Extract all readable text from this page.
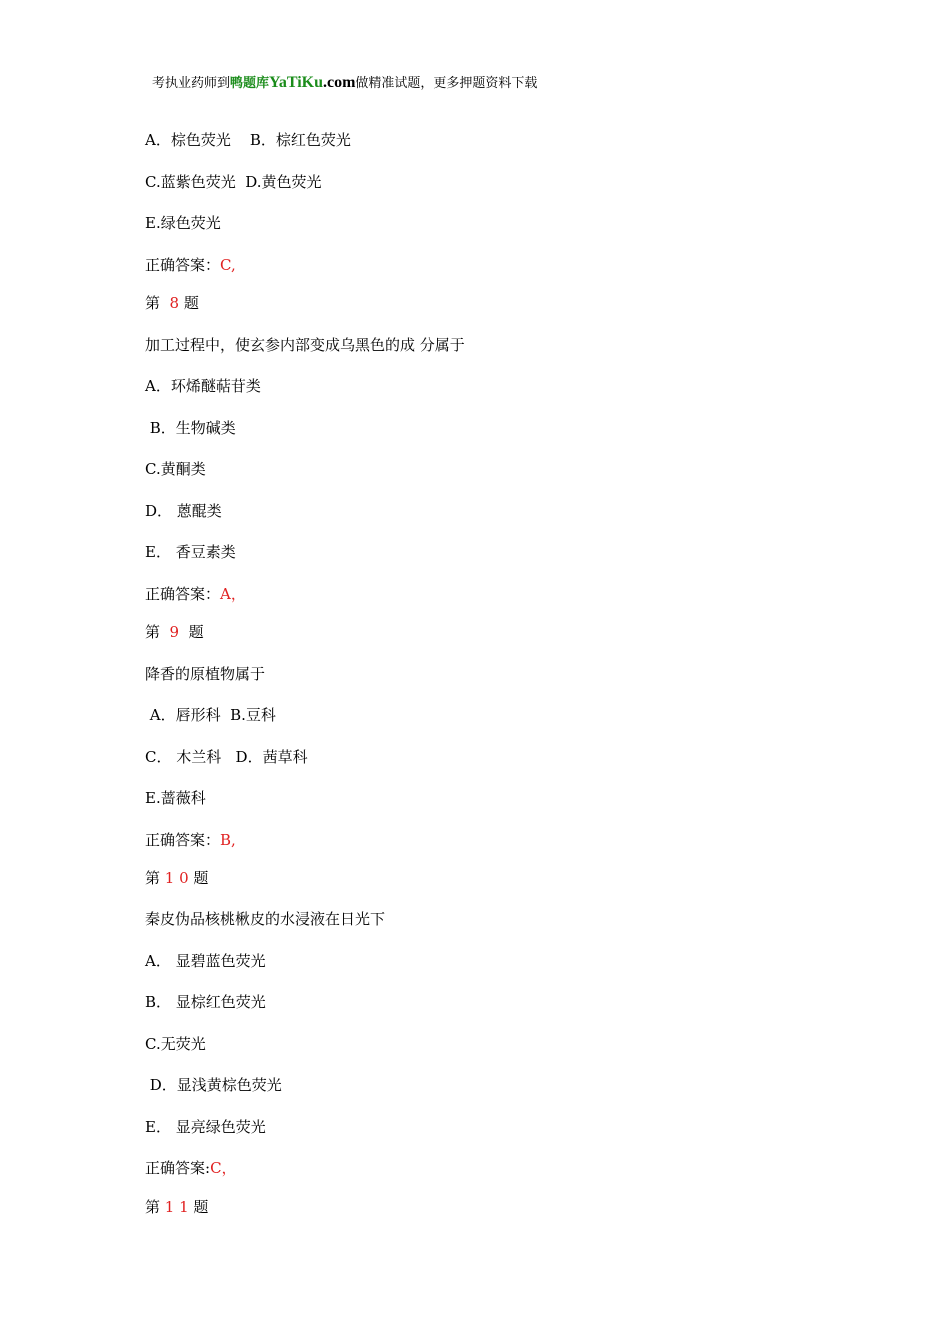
考执业药师到鸭题库YaTiKu.com做精准试题，更多押题资料下载
A．棕色荧光    B．棕红色荧光
C.蓝紫色荧光  D.黄色荧光
E.绿色荧光
正确答案：C,
第  8 题
加工过程中，使玄参内部变成乌黑色的成 分属于
A．环烯醚萜苷类
B．生物碱类
C.黄酮类
D． 蒽醌类
E． 香豆素类
正确答案：A，
第  9  题
降香的原植物属于
A．唇形科  B.豆科
C． 木兰科   D．茜草科
E.蔷薇科
正确答案：B,
第 1 0 题
秦皮伪品核桃楸皮的水浸液在日光下
A． 显碧蓝色荧光
B． 显棕红色荧光
C.无荧光
D．显浅黄棕色荧光
E． 显亮绿色荧光
正确答案:C，
第 1 1 题
